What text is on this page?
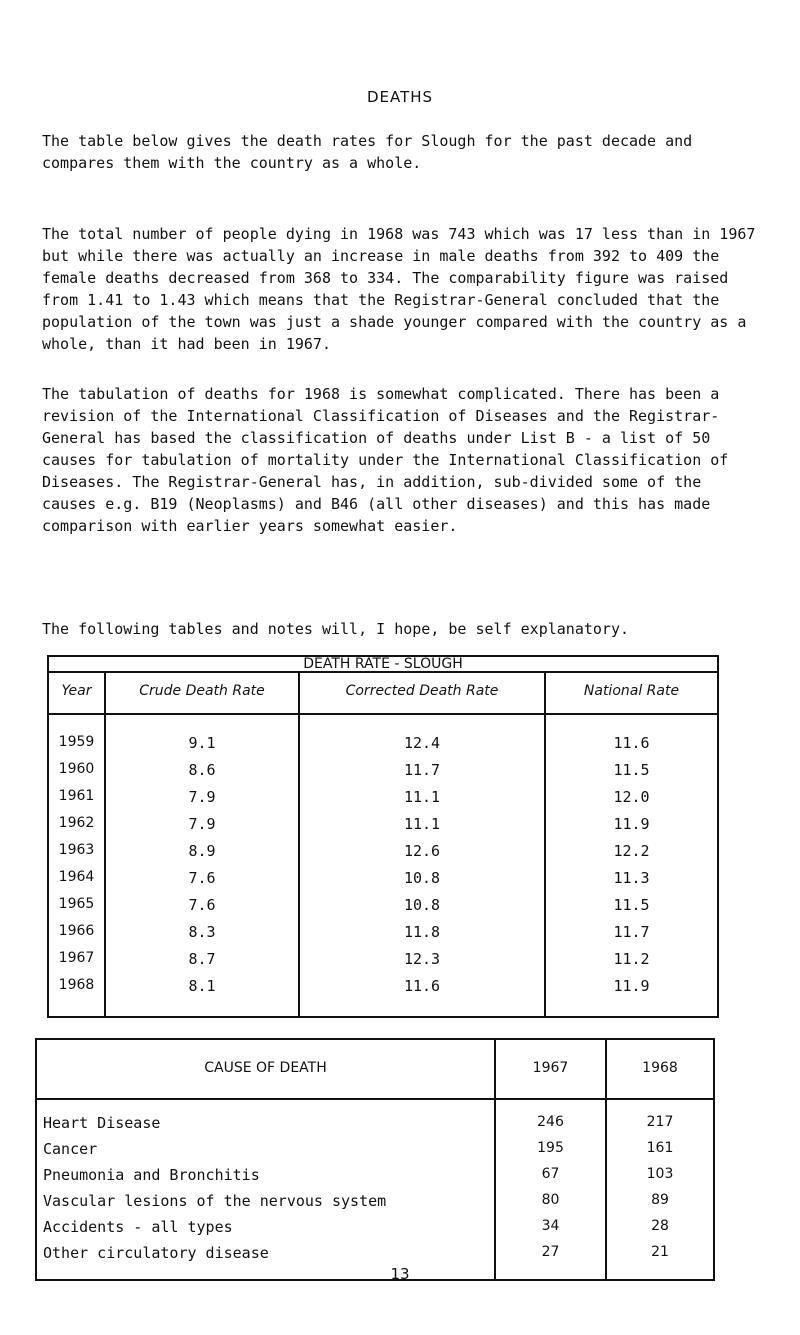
DEATHS

The table below gives the death rates for Slough for the past decade and compares them with the country as a whole.

The total number of people dying in 1968 was 743 which was 17 less than in 1967 but while there was actually an increase in male deaths from 392 to 409 the female deaths decreased from 368 to 334. The comparability figure was raised from 1.41 to 1.43 which means that the Registrar-General concluded that the population of the town was just a shade younger compared with the country as a whole, than it had been in 1967.

The tabulation of deaths for 1968 is somewhat complicated. There has been a revision of the International Classification of Diseases and the Registrar-General has based the classification of deaths under List B - a list of 50 causes for tabulation of mortality under the International Classification of Diseases. The Registrar-General has, in addition, sub-divided some of the causes e.g. B19 (Neoplasms) and B46 (all other diseases) and this has made comparison with earlier years somewhat easier.

The following tables and notes will, I hope, be self explanatory.

DEATH RATE - SLOUGH
Year	Crude Death Rate	Corrected Death Rate	National Rate
1959	9.1	12.4	11.6
1960	8.6	11.7	11.5
1961	7.9	11.1	12.0
1962	7.9	11.1	11.9
1963	8.9	12.6	12.2
1964	7.6	10.8	11.3
1965	7.6	10.8	11.5
1966	8.3	11.8	11.7
1967	8.7	12.3	11.2
1968	8.1	11.6	11.9
CAUSE OF DEATH	1967	1968
Heart Disease	246	217
Cancer	195	161
Pneumonia and Bronchitis	67	103
Vascular lesions of the nervous system	80	89
Accidents - all types	34	28
Other circulatory disease	27	21
13
